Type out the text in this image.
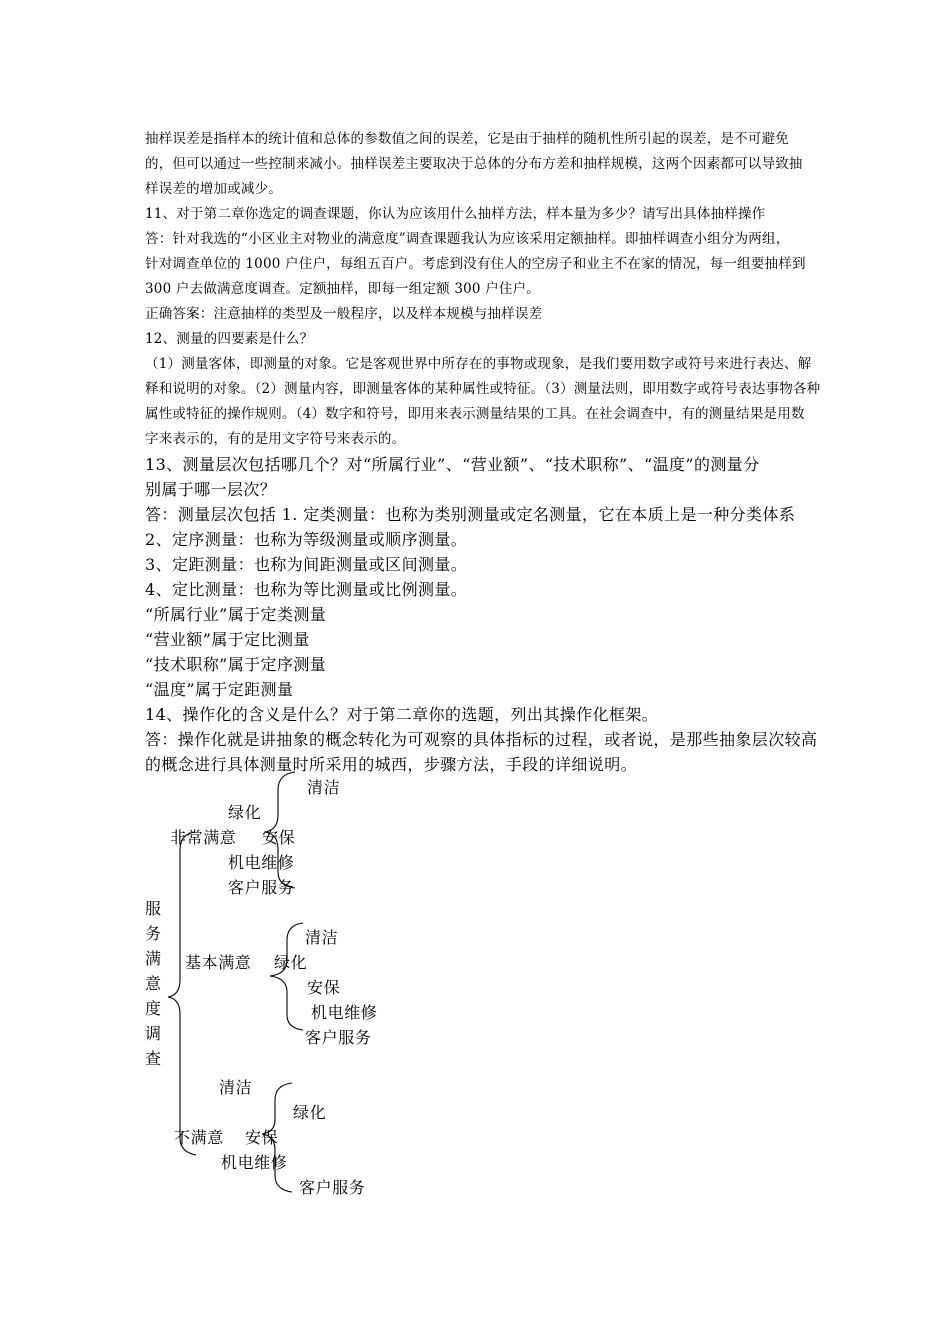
抽样误差是指样本的统计值和总体的参数值之间的误差，它是由于抽样的随机性所引起的误差，是不可避免

的，但可以通过一些控制来减小。抽样误差主要取决于总体的分布方差和抽样规模，这两个因素都可以导致抽

样误差的增加或减少。

11、对于第二章你选定的调查课题，你认为应该用什么抽样方法，样本量为多少？请写出具体抽样操作

答：针对我选的“小区业主对物业的满意度”调查课题我认为应该采用定额抽样。即抽样调查小组分为两组，

针对调查单位的 1000 户住户，每组五百户。考虑到没有住人的空房子和业主不在家的情况，每一组要抽样到

300 户去做满意度调查。定额抽样，即每一组定额 300 户住户。

正确答案：注意抽样的类型及一般程序，以及样本规模与抽样误差

12、测量的四要素是什么？

（1）测量客体，即测量的对象。它是客观世界中所存在的事物或现象，是我们要用数字或符号来进行表达、解

释和说明的对象。（2）测量内容，即测量客体的某种属性或特征。（3）测量法则，即用数字或符号表达事物各种

属性或特征的操作规则。（4）数字和符号，即用来表示测量结果的工具。在社会调查中，有的测量结果是用数

字来表示的，有的是用文字符号来表示的。

13、测量层次包括哪几个？对“所属行业”、“营业额”、“技术职称”、“温度”的测量分

别属于哪一层次？

答：测量层次包括 1. 定类测量：也称为类别测量或定名测量，它在本质上是一种分类体系

2、定序测量：也称为等级测量或顺序测量。

3、定距测量：也称为间距测量或区间测量。

4、定比测量：也称为等比测量或比例测量。

“所属行业”属于定类测量

“营业额”属于定比测量

“技术职称”属于定序测量

“温度”属于定距测量

14、操作化的含义是什么？对于第二章你的选题，列出其操作化框架。

答：操作化就是讲抽象的概念转化为可观察的具体指标的过程，或者说，是那些抽象层次较高

的概念进行具体测量时所采用的城西，步骤方法，手段的详细说明。

服务满意度调查

非常满意

清洁

绿化

安保

机电维修

客户服务

基本满意

清洁

绿化

安保

机电维修

客户服务

不满意

清洁

绿化

安保

机电维修

客户服务
